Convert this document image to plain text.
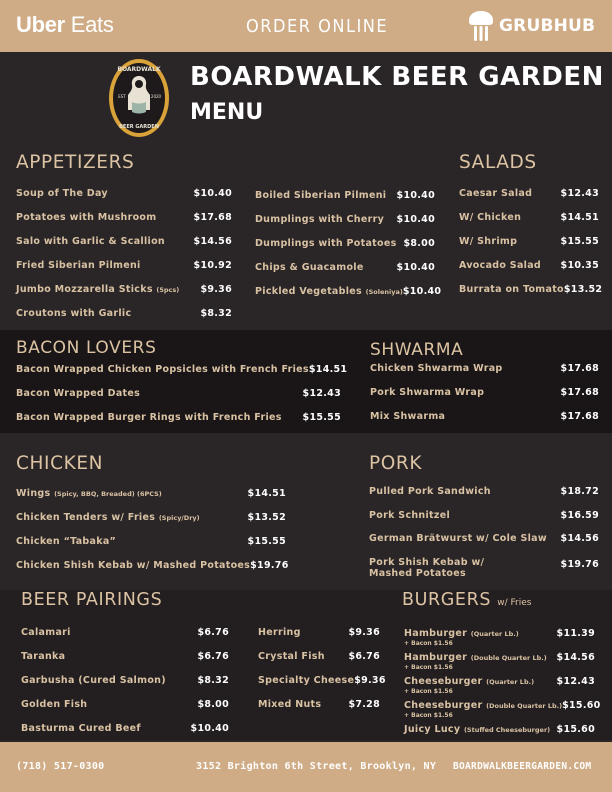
Uber Eats	ORDER ONLINE	GRUBHUB
BOARDWALK
EST	2020
BEER GARDEN
BOARDWALK BEER GARDEN
MENU
APPETIZERS
Soup of The Day	$10.40
Potatoes with Mushroom	$17.68
Salo with Garlic & Scallion	$14.56
Fried Siberian Pilmeni	$10.92
Jumbo Mozzarella Sticks (5pcs) $9.36
Croutons with Garlic	$8.32
Boiled Siberian Pilmeni $10.40
Dumplings with Cherry $10.40
Dumplings with Potatoes $8.00
Chips & Guacamole	$10.40
Pickled Vegetables (Soleniya) $10.40
SALADS
Caesar Salad	$12.43
W/ Chicken	$14.51
W/ Shrimp	$15.55
Avocado Salad $10.35
Burrata on Tomato $13.52
BACON LOVERS
Bacon Wrapped Chicken Popsicles with French Fries $14.51
Bacon Wrapped Dates	$12.43
Bacon Wrapped Burger Rings with French Fries $15.55
SHWARMA
Chicken Shwarma Wrap	$17.68
Pork Shwarma Wrap	$17.68
Mix Shwarma	$17.68
CHICKEN
Wings (Spicy, BBQ, Breaded) (6PCS)	$14.51
Chicken Tenders w/ Fries (Spicy/Dry)	$13.52
Chicken “Tabaka”	$15.55
Chicken Shish Kebab w/ Mashed Potatoes $19.76
PORK
Pulled Pork Sandwich	$18.72
Pork Schnitzel	$16.59
German Brätwurst w/ Cole Slaw $14.56
Pork Shish Kebab w/ Mashed Potatoes
$19.76
BEER PAIRINGS
Calamari	$6.76
Taranka	$6.76
Garbusha (Cured Salmon)	$8.32
Golden Fish	$8.00
Basturma Cured Beef	$10.40
Herring	$9.36
Crystal Fish $6.76
Specialty Cheese $9.36
Mixed Nuts	$7.28
BURGERS w/ Fries
Hamburger (Quarter Lb.)
+ Bacon $1.56
$11.39
Hamburger (Double Quarter Lb.)
+ Bacon $1.56
$14.56
Cheeseburger (Quarter Lb.)
+ Bacon $1.56
$12.43
Cheeseburger (Double Quarter Lb.)
+ Bacon $1.56
$15.60
Juicy Lucy (Stuffed Cheeseburger) $15.60
(718) 517-0300	3152 Brighton 6th Street, Brooklyn, NY BOARDWALKBEERGARDEN.COM
